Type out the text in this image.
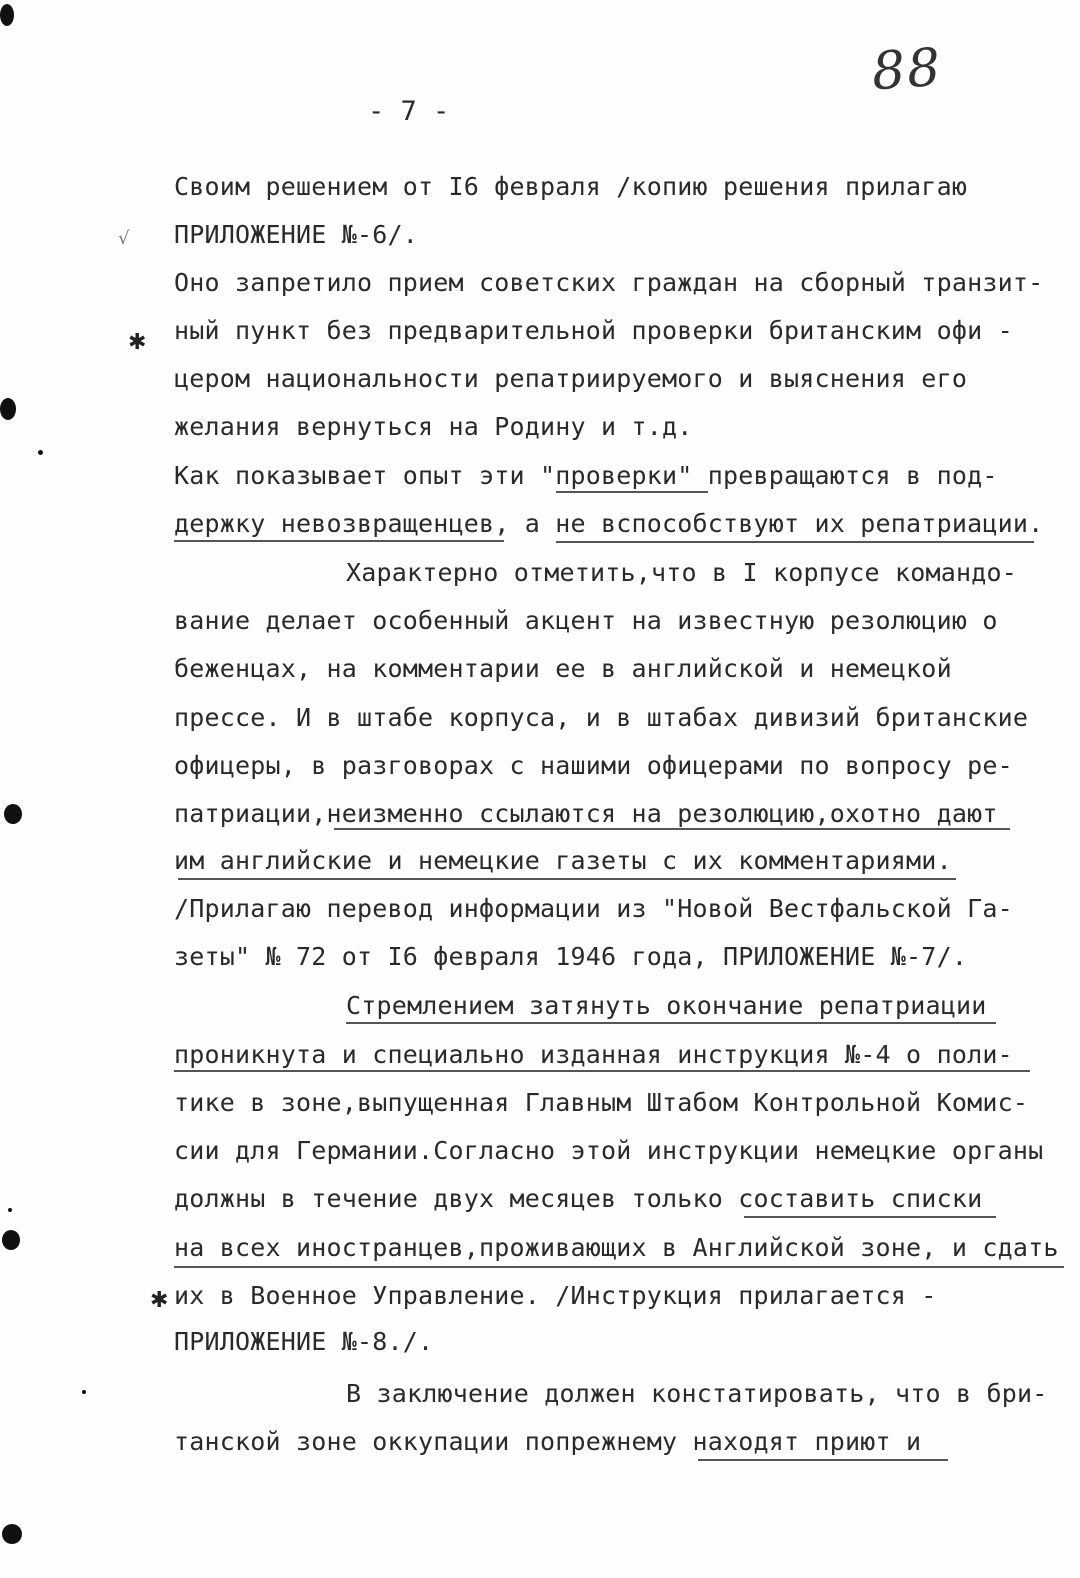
88
- 7 -
Своим решением от I6 февраля /копию решения прилагаю
ПРИЛОЖЕНИЕ №-6/.
Оно запретило прием советских граждан на сборный транзит-
ный пункт без предварительной проверки британским офи -
цером национальности репатриируемого и выяснения его
желания вернуться на Родину и т.д.
Как показывает опыт эти "проверки" превращаются в под-
держку невозвращенцев, а не вспособствуют их репатриации.
Характерно отметить,что в I корпусе командо-
вание делает особенный акцент на известную резолюцию о
беженцах, на комментарии ее в английской и немецкой
прессе. И в штабе корпуса, и в штабах дивизий британские
офицеры, в разговорах с нашими офицерами по вопросу ре-
патриации,неизменно ссылаются на резолюцию,охотно дают
им английские и немецкие газеты с их комментариями.
/Прилагаю перевод информации из "Новой Вестфальской Га-
зеты" № 72 от I6 февраля 1946 года, ПРИЛОЖЕНИЕ №-7/.
Стремлением затянуть окончание репатриации
проникнута и специально изданная инструкция №-4 о поли-
тике в зоне,выпущенная Главным Штабом Контрольной Комис-
сии для Германии.Согласно этой инструкции немецкие органы
должны в течение двух месяцев только составить списки
на всех иностранцев,проживающих в Английской зоне, и сдать
их в Военное Управление. /Инструкция прилагается -
ПРИЛОЖЕНИЕ №-8./.
В заключение должен констатировать, что в бри-
танской зоне оккупации попрежнему находят приют и
√
✱
✱
